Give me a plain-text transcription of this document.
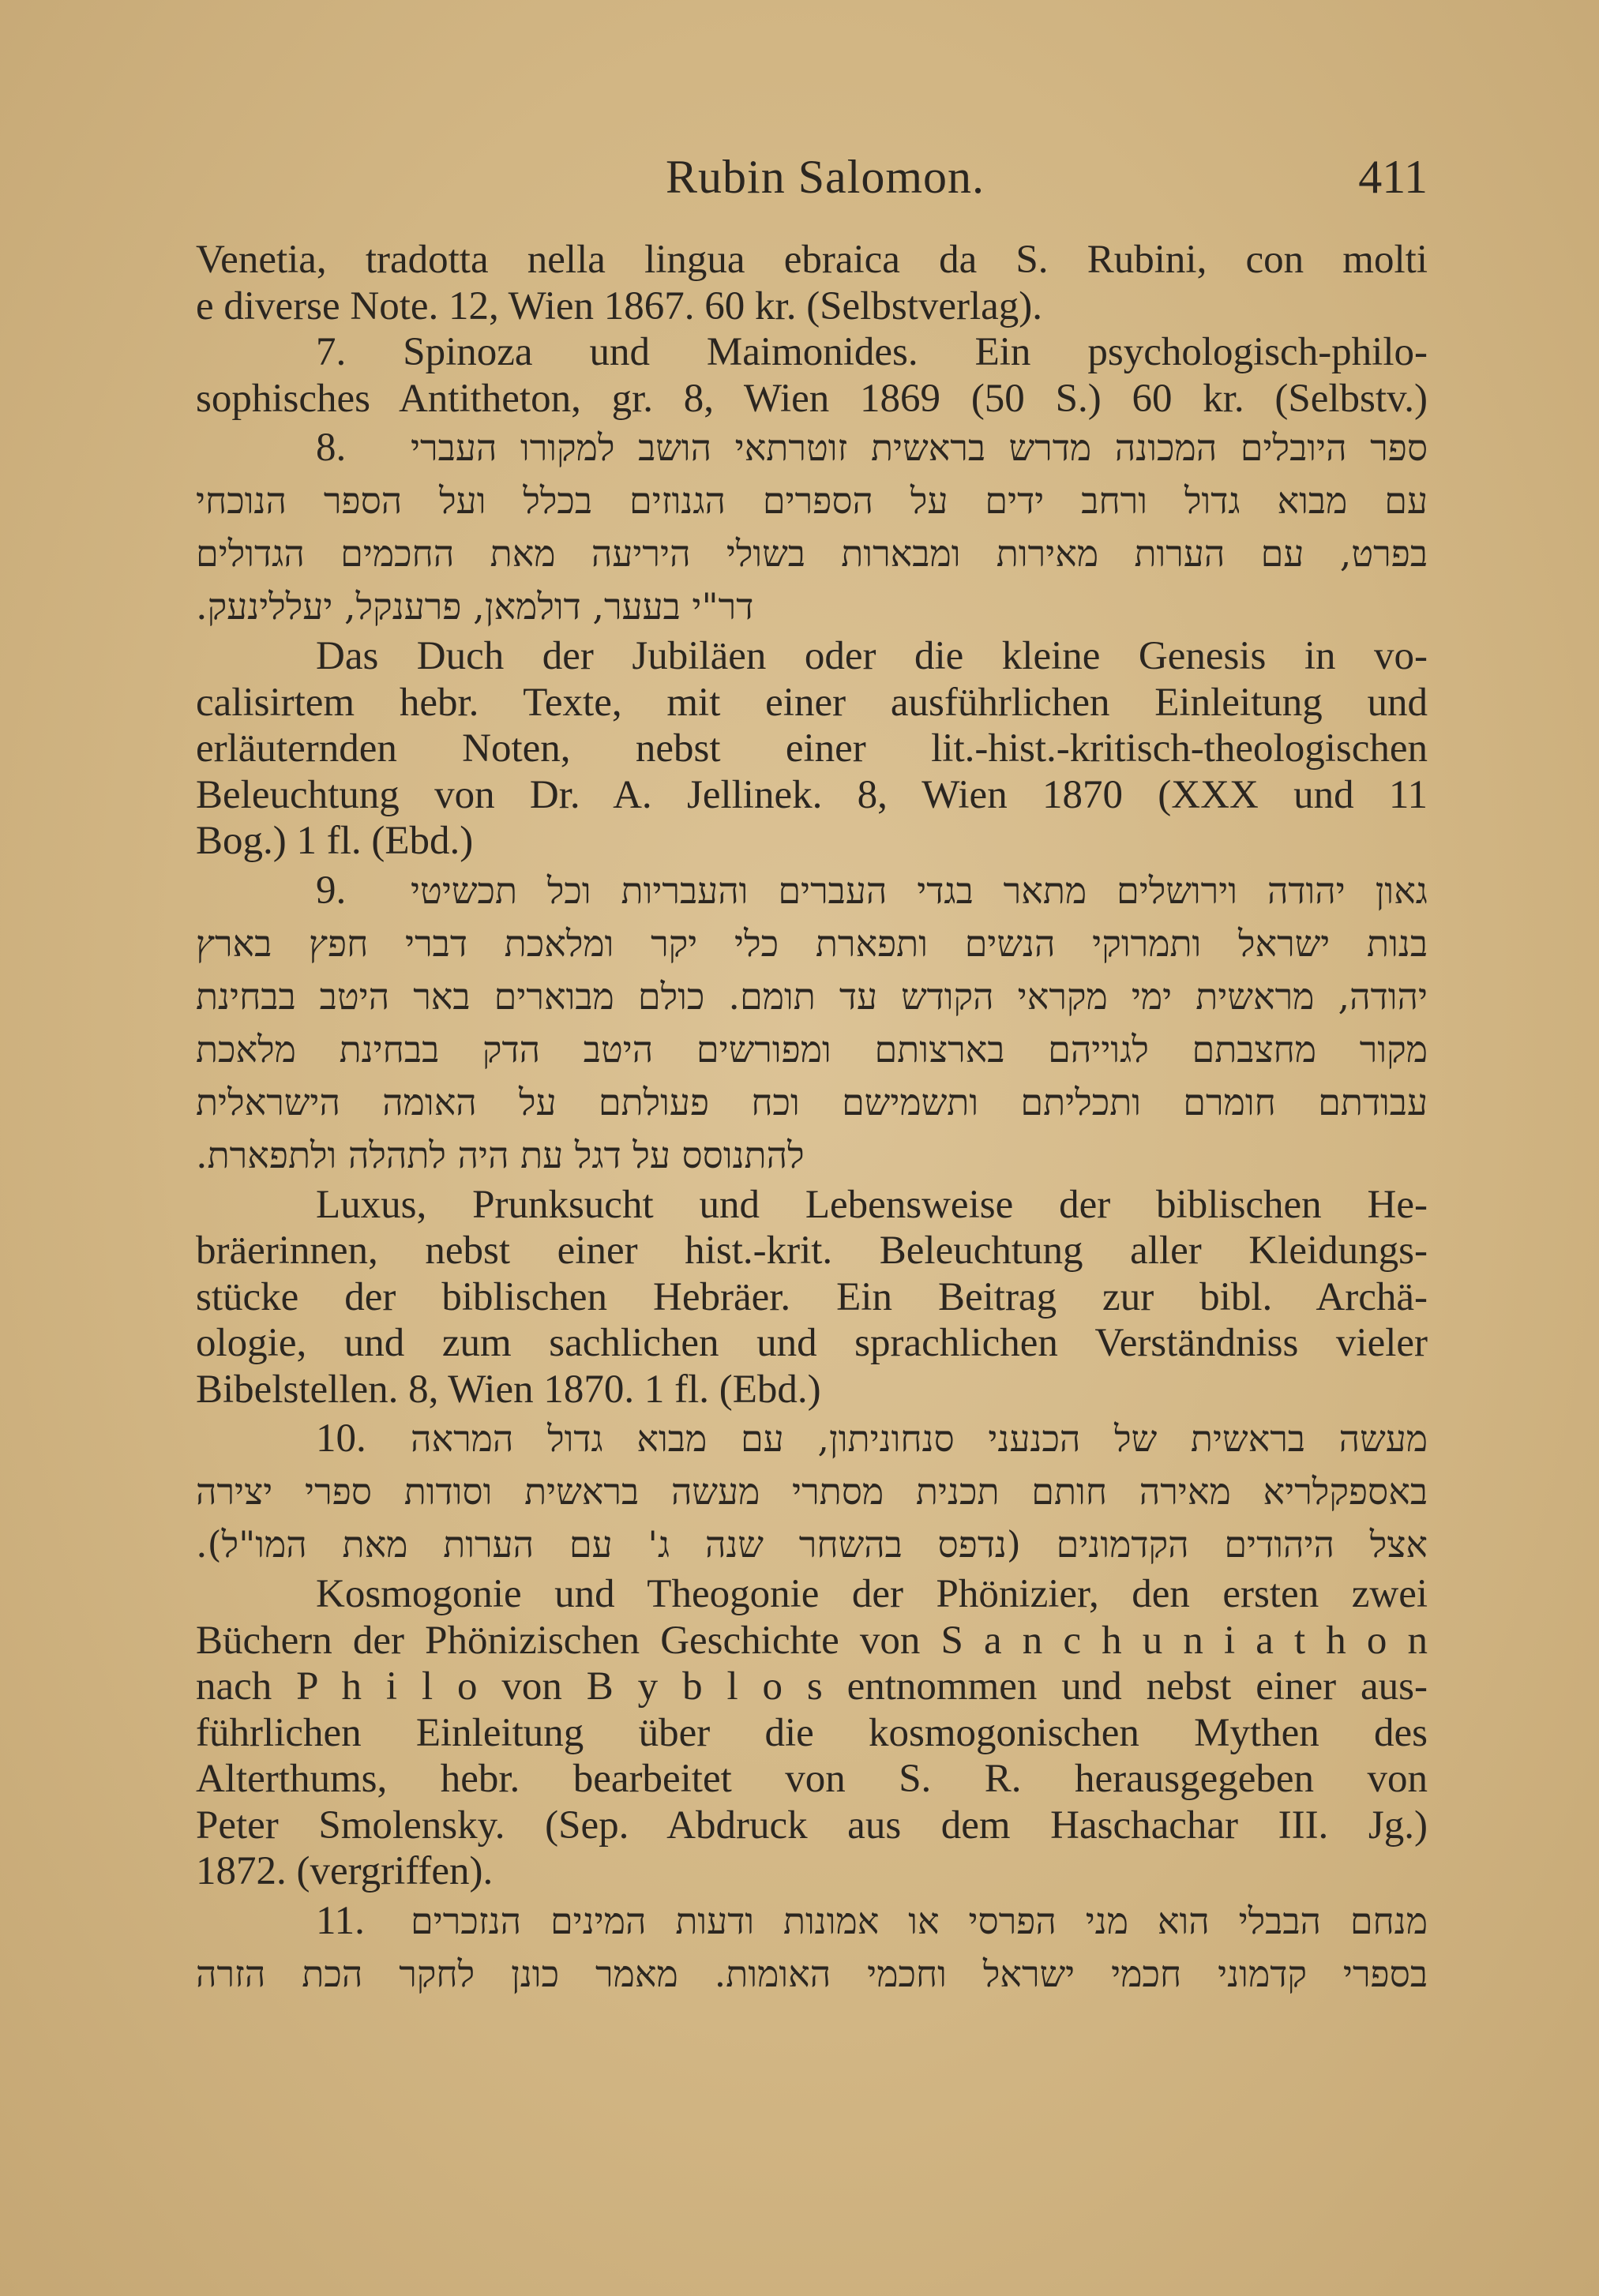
Rubin Salomon.	411
Venetia, tradotta nella lingua ebraica da S. Rubini, con molti
e diverse Note. 12, Wien 1867. 60 kr. (Selbstverlag).
7. Spinoza und Maimonides. Ein psychologisch-philo-
sophisches Antitheton, gr. 8, Wien 1869 (50 S.) 60 kr. (Selbstv.)
8.	ספר היובלים המכונה מדרש בראשית זוטרתאי הושב למקורו העברי
עם מבוא גדול ורחב ידים על הספרים הגנוזים בכלל ועל הספר הנוכחי
בפרט, עם הערות מאירות ומבארות בשולי היריעה מאת החכמים הגדולים
דר"י בעער, דולמאן, פרענקל, יעללינעק.
Das Duch der Jubiläen oder die kleine Genesis in vo-
calisirtem hebr. Texte, mit einer ausführlichen Einleitung und
erläuternden Noten, nebst einer lit.-hist.-kritisch-theologischen
Beleuchtung von Dr. A. Jellinek. 8, Wien 1870 (XXX und 11
Bog.) 1 fl. (Ebd.)
9.	גאון יהודה וירושלים מתאר בגדי העברים והעבריות וכל תכשיטי
בנות ישראל ותמרוקי הנשים ותפארת כלי יקר ומלאכת דברי חפץ בארץ
יהודה, מראשית ימי מקראי הקודש עד תומם. כולם מבוארים באר היטב בבחינת
מקור מחצבתם לגוייהם בארצותם ומפורשים היטב הדק בבחינת מלאכת
עבודתם חומרם ותכליתם ותשמישם וכח פעולתם על האומה הישראלית
להתנוסס על דגל עת היה לתהלה ולתפארת.
Luxus, Prunksucht und Lebensweise der biblischen He-
bräerinnen, nebst einer hist.-krit. Beleuchtung aller Kleidungs-
stücke der biblischen Hebräer. Ein Beitrag zur bibl. Archä-
ologie, und zum sachlichen und sprachlichen Verständniss vieler
Bibelstellen. 8, Wien 1870. 1 fl. (Ebd.)
10.	מעשה בראשית של הכנעני סנחוניתון, עם מבוא גדול המראה
באספקלריא מאירה חותם תכנית מסתרי מעשה בראשית וסודות ספרי יצירה
אצל היהודים הקדמונים (נדפס בהשחר שנה ג' עם הערות מאת המו"ל).
Kosmogonie und Theogonie der Phönizier, den ersten zwei
Büchern der Phönizischen Geschichte von S a n c h u n i a t h o n
nach P h i l o von B y b l o s entnommen und nebst einer aus-
führlichen Einleitung über die kosmogonischen Mythen des
Alterthums, hebr. bearbeitet von S. R. herausgegeben von
Peter Smolensky. (Sep. Abdruck aus dem Haschachar III. Jg.)
1872. (vergriffen).
11.	מנחם הבבלי הוא מני הפרסי או אמונות ודעות המינים הנזכרים
בספרי קדמוני חכמי ישראל וחכמי האומות. מאמר כונן לחקר הכת הזרה
